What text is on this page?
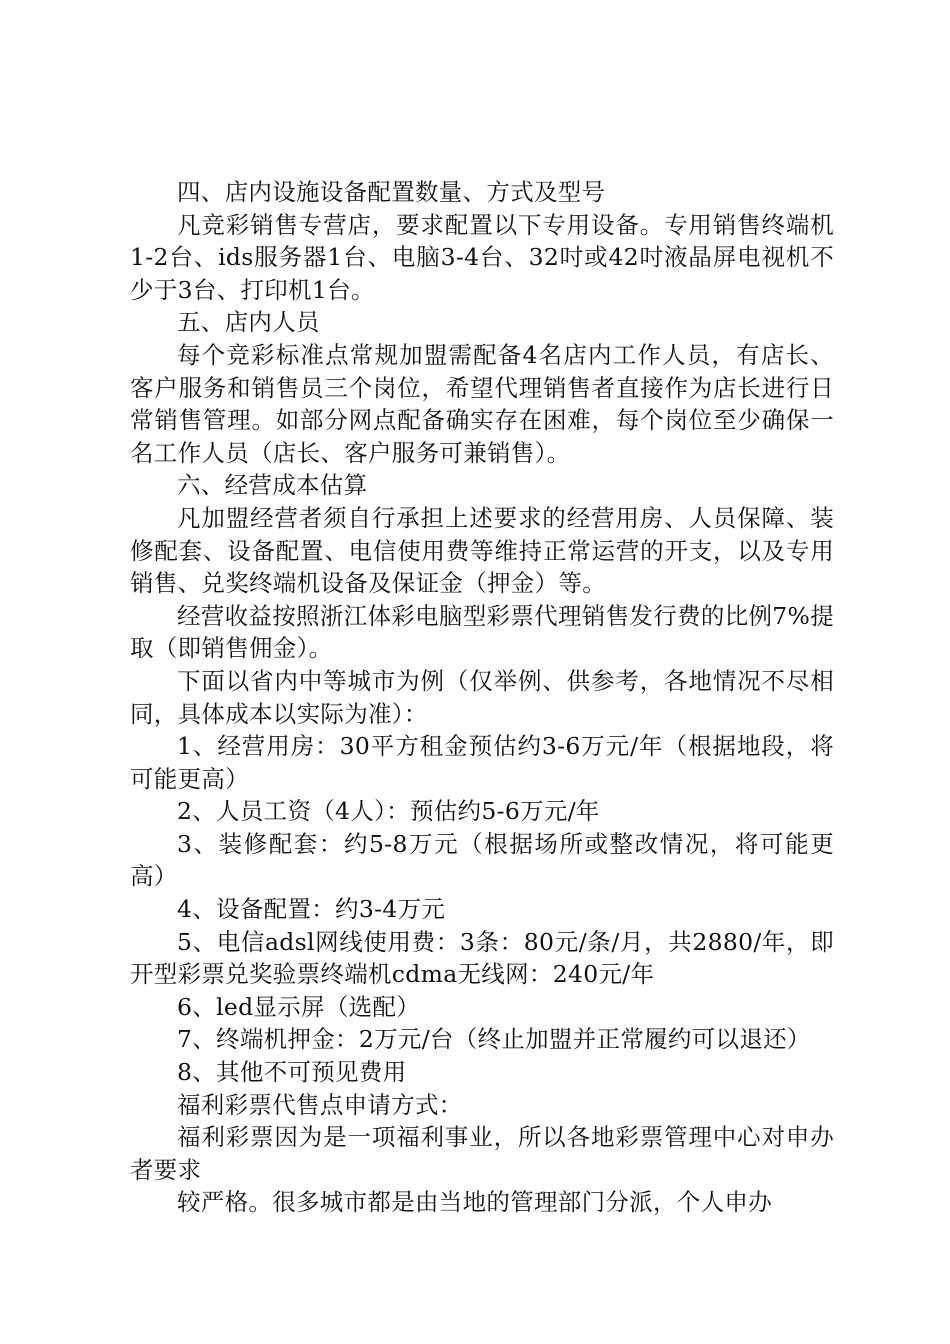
四、店内设施设备配置数量、方式及型号

凡竞彩销售专营店，要求配置以下专用设备。专用销售终端机1-2台、ids服务器1台、电脑3-4台、32吋或42吋液晶屏电视机不少于3台、打印机1台。

五、店内人员

每个竞彩标准点常规加盟需配备4名店内工作人员，有店长、客户服务和销售员三个岗位，希望代理销售者直接作为店长进行日常销售管理。如部分网点配备确实存在困难，每个岗位至少确保一名工作人员（店长、客户服务可兼销售）。

六、经营成本估算

凡加盟经营者须自行承担上述要求的经营用房、人员保障、装修配套、设备配置、电信使用费等维持正常运营的开支，以及专用销售、兑奖终端机设备及保证金（押金）等。

经营收益按照浙江体彩电脑型彩票代理销售发行费的比例7%提取（即销售佣金）。

下面以省内中等城市为例（仅举例、供参考，各地情况不尽相同，具体成本以实际为准）：

1、经营用房：30平方租金预估约3-6万元/年（根据地段，将可能更高）

2、人员工资（4人）：预估约5-6万元/年

3、装修配套：约5-8万元（根据场所或整改情况，将可能更高）

4、设备配置：约3-4万元

5、电信adsl网线使用费：3条：80元/条/月，共2880/年，即开型彩票兑奖验票终端机cdma无线网：240元/年

6、led显示屏（选配）

7、终端机押金：2万元/台（终止加盟并正常履约可以退还）

8、其他不可预见费用

福利彩票代售点申请方式：

福利彩票因为是一项福利事业，所以各地彩票管理中心对申办者要求

较严格。很多城市都是由当地的管理部门分派，个人申办
